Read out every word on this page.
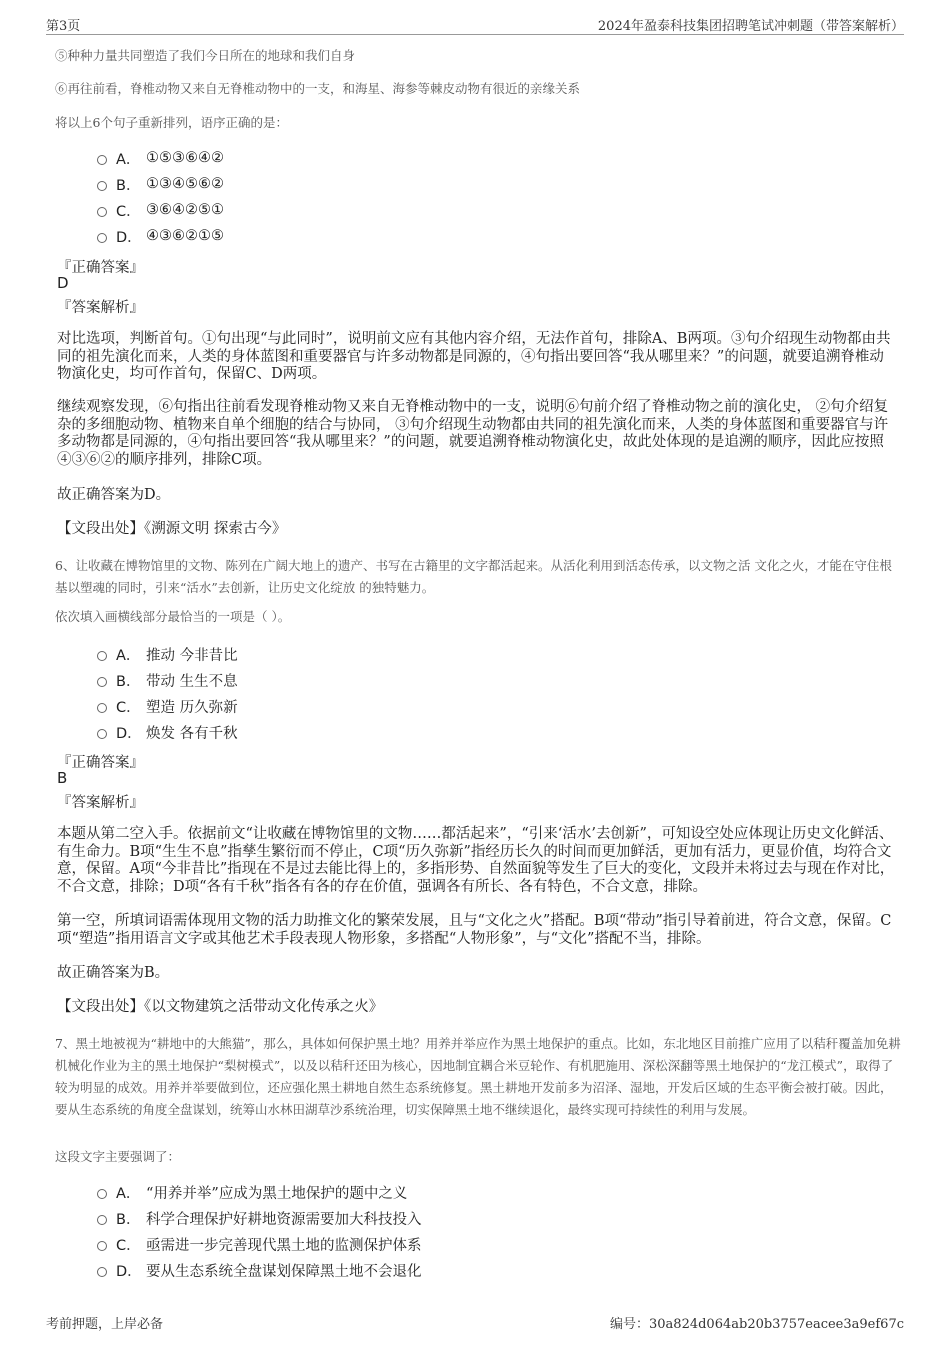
第3页	2024年盈泰科技集团招聘笔试冲刺题（带答案解析）
⑤种种力量共同塑造了我们今日所在的地球和我们自身
⑥再往前看，脊椎动物又来自无脊椎动物中的一支，和海星、海参等棘皮动物有很近的亲缘关系
将以上6个句子重新排列，语序正确的是：
A． ①⑤③⑥④②
B． ①③④⑤⑥②
C． ③⑥④②⑤①
D． ④③⑥②①⑤
『正确答案』
D
『答案解析』
对比选项，判断首句。①句出现“与此同时”，说明前文应有其他内容介绍，无法作首句，排除A、B两项。③句介绍现生动物都由共同的祖先演化而来，人类的身体蓝图和重要器官与许多动物都是同源的，④句指出要回答“我从哪里来？”的问题，就要追溯脊椎动物演化史，均可作首句，保留C、D两项。
继续观察发现，⑥句指出往前看发现脊椎动物又来自无脊椎动物中的一支，说明⑥句前介绍了脊椎动物之前的演化史， ②句介绍复杂的多细胞动物、植物来自单个细胞的结合与协同， ③句介绍现生动物都由共同的祖先演化而来，人类的身体蓝图和重要器官与许多动物都是同源的，④句指出要回答“我从哪里来？”的问题，就要追溯脊椎动物演化史，故此处体现的是追溯的顺序，因此应按照④③⑥②的顺序排列，排除C项。
故正确答案为D。
【文段出处】《溯源文明 探索古今》
6、让收藏在博物馆里的文物、陈列在广阔大地上的遗产、书写在古籍里的文字都活起来。从活化利用到活态传承，以文物之活 文化之火，才能在守住根基以塑魂的同时，引来“活水”去创新，让历史文化绽放 的独特魅力。
依次填入画横线部分最恰当的一项是（ ）。
A． 推动 今非昔比
B． 带动 生生不息
C． 塑造 历久弥新
D． 焕发 各有千秋
『正确答案』
B
『答案解析』
本题从第二空入手。依据前文“让收藏在博物馆里的文物……都活起来”，“引来‘活水’去创新”，可知设空处应体现让历史文化鲜活、有生命力。B项“生生不息”指孳生繁衍而不停止，C项“历久弥新”指经历长久的时间而更加鲜活，更加有活力，更显价值，均符合文意，保留。A项“今非昔比”指现在不是过去能比得上的，多指形势、自然面貌等发生了巨大的变化，文段并未将过去与现在作对比，不合文意，排除；D项“各有千秋”指各有各的存在价值，强调各有所长、各有特色，不合文意，排除。
第一空，所填词语需体现用文物的活力助推文化的繁荣发展，且与“文化之火”搭配。B项“带动”指引导着前进，符合文意，保留。C项“塑造”指用语言文字或其他艺术手段表现人物形象，多搭配“人物形象”，与“文化”搭配不当，排除。
故正确答案为B。
【文段出处】《以文物建筑之活带动文化传承之火》
7、黑土地被视为“耕地中的大熊猫”，那么，具体如何保护黑土地？用养并举应作为黑土地保护的重点。比如，东北地区目前推广应用了以秸秆覆盖加免耕机械化作业为主的黑土地保护“梨树模式”，以及以秸秆还田为核心，因地制宜耦合米豆轮作、有机肥施用、深松深翻等黑土地保护的“龙江模式”，取得了较为明显的成效。用养并举要做到位，还应强化黑土耕地自然生态系统修复。黑土耕地开发前多为沼泽、湿地，开发后区域的生态平衡会被打破。因此，要从生态系统的角度全盘谋划，统筹山水林田湖草沙系统治理，切实保障黑土地不继续退化，最终实现可持续性的利用与发展。
这段文字主要强调了：
A． “用养并举”应成为黑土地保护的题中之义
B． 科学合理保护好耕地资源需要加大科技投入
C． 亟需进一步完善现代黑土地的监测保护体系
D． 要从生态系统全盘谋划保障黑土地不会退化
考前押题，上岸必备	编号：30a824d064ab20b3757eacee3a9ef67c
